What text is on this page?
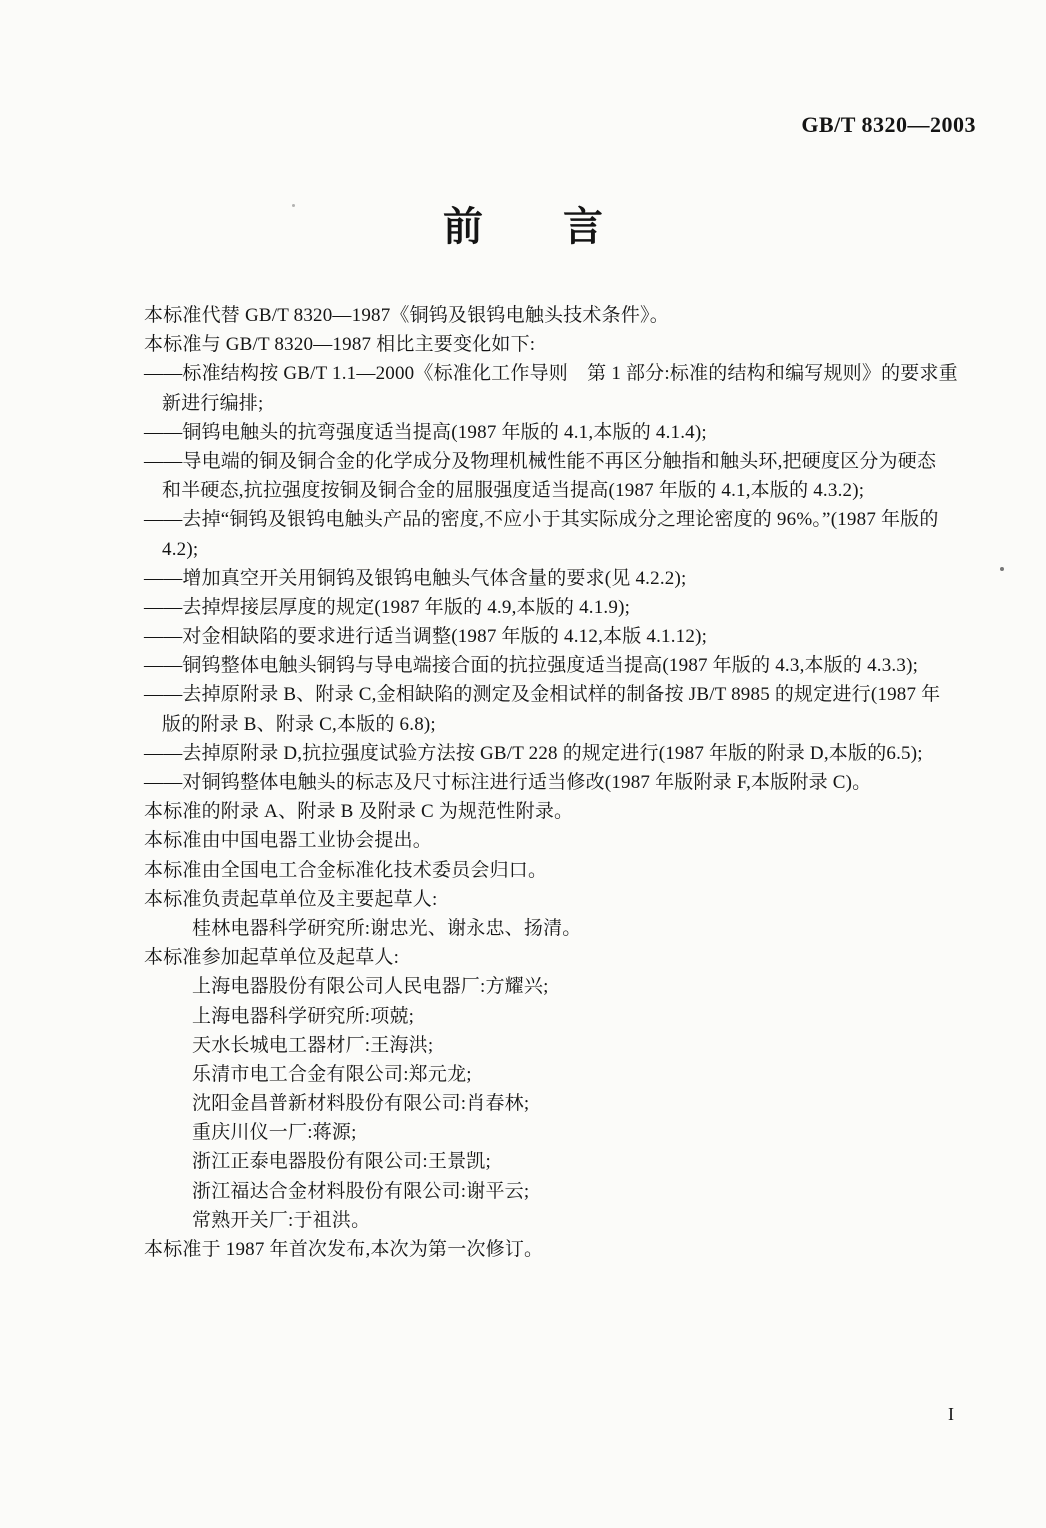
GB/T 8320—2003
前　　言
本标准代替 GB/T 8320—1987《铜钨及银钨电触头技术条件》。
本标准与 GB/T 8320—1987 相比主要变化如下:
——标准结构按 GB/T 1.1—2000《标准化工作导则　第 1 部分:标准的结构和编写规则》的要求重
新进行编排;
——铜钨电触头的抗弯强度适当提高(1987 年版的 4.1,本版的 4.1.4);
——导电端的铜及铜合金的化学成分及物理机械性能不再区分触指和触头环,把硬度区分为硬态
和半硬态,抗拉强度按铜及铜合金的屈服强度适当提高(1987 年版的 4.1,本版的 4.3.2);
——去掉“铜钨及银钨电触头产品的密度,不应小于其实际成分之理论密度的 96%。”(1987 年版的
4.2);
——增加真空开关用铜钨及银钨电触头气体含量的要求(见 4.2.2);
——去掉焊接层厚度的规定(1987 年版的 4.9,本版的 4.1.9);
——对金相缺陷的要求进行适当调整(1987 年版的 4.12,本版 4.1.12);
——铜钨整体电触头铜钨与导电端接合面的抗拉强度适当提高(1987 年版的 4.3,本版的 4.3.3);
——去掉原附录 B、附录 C,金相缺陷的测定及金相试样的制备按 JB/T 8985 的规定进行(1987 年
版的附录 B、附录 C,本版的 6.8);
——去掉原附录 D,抗拉强度试验方法按 GB/T 228 的规定进行(1987 年版的附录 D,本版的6.5);
——对铜钨整体电触头的标志及尺寸标注进行适当修改(1987 年版附录 F,本版附录 C)。
本标准的附录 A、附录 B 及附录 C 为规范性附录。
本标准由中国电器工业协会提出。
本标准由全国电工合金标准化技术委员会归口。
本标准负责起草单位及主要起草人:
桂林电器科学研究所:谢忠光、谢永忠、扬清。
本标准参加起草单位及起草人:
上海电器股份有限公司人民电器厂:方耀兴;
上海电器科学研究所:项兢;
天水长城电工器材厂:王海洪;
乐清市电工合金有限公司:郑元龙;
沈阳金昌普新材料股份有限公司:肖春林;
重庆川仪一厂:蒋源;
浙江正泰电器股份有限公司:王景凯;
浙江福达合金材料股份有限公司:谢平云;
常熟开关厂:于祖洪。
本标准于 1987 年首次发布,本次为第一次修订。
I
